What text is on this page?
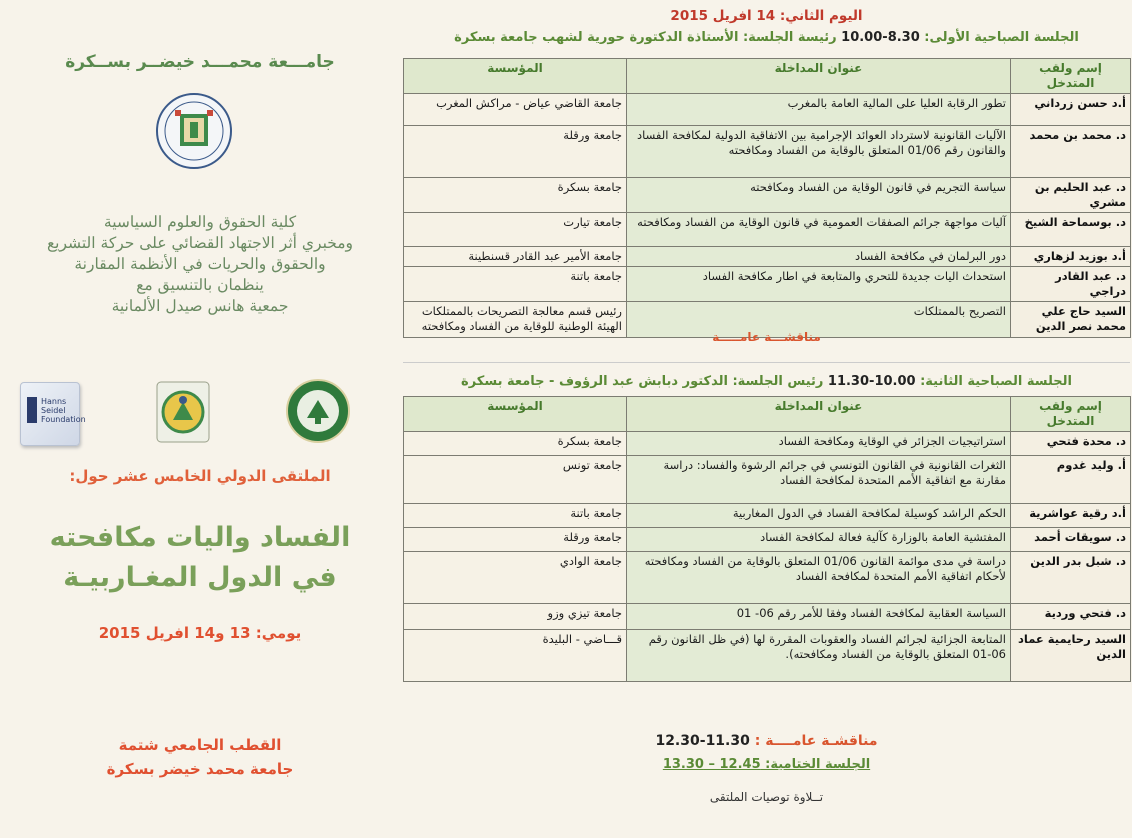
جامـــعة محمـــد خيضــر بســكرة
كلية الحقوق والعلوم السياسية
ومخبري أثر الاجتهاد القضائي على حركة التشريع
والحقوق والحريات في الأنظمة المقارنة
ينظمان بالتنسيق مع
جمعية هانس صيدل الألمانية
Hanns Seidel Foundation
الملتقى الدولي الخامس عشر حول:
الفساد واليات مكافحته
في الدول المغـاربيـة
يومي: 13 و14 افريل 2015
القطب الجامعي شتمة
جامعة محمد خيضر بسكرة
اليوم الثاني: 14 افريل 2015
الجلسة الصباحية الأولى: 8.30-10.00 رئيسة الجلسة: الأستاذة الدكتورة حورية لشهب جامعة بسكرة
إسم ولقب المتدخل	عنوان المداخلة	المؤسسة
أ.د حسن زرداني	تطور الرقابة العليا على المالية العامة بالمغرب	جامعة القاضي عياض - مراكش المغرب
د. محمد بن محمد	الآليات القانونية لاسترداد العوائد الإجرامية بين الاتفاقية الدولية لمكافحة الفساد والقانون رقم 01/06 المتعلق بالوقاية من الفساد ومكافحته	جامعة ورقلة
د. عبد الحليم بن مشري	سياسة التجريم في قانون الوقاية من الفساد ومكافحته	جامعة بسكرة
د. بوسماحة الشيخ	آليات مواجهة جرائم الصفقات العمومية في قانون الوقاية من الفساد ومكافحته	جامعة تيارت
أ.د بوزيد لزهاري	دور البرلمان في مكافحة الفساد	جامعة الأمير عبد القادر قسنطينة
د. عبد القادر دراجي	استحداث اليات جديدة للتحري والمتابعة في اطار مكافحة الفساد	جامعة باتنة
السيد حاج علي محمد نصر الدين	التصريح بالممتلكات	رئيس قسم معالجة التصريحات بالممتلكات الهيئة الوطنية للوقاية من الفساد ومكافحته
مناقشـــة عامـــــة
الجلسة الصباحية الثانية: 10.00-11.30 رئيس الجلسة: الدكتور دبابش عبد الرؤوف - جامعة بسكرة
إسم ولقب المتدخل	عنوان المداخلة	المؤسسة
د. محدة فتحي	استراتيجيات الجزائر في الوقاية ومكافحة الفساد	جامعة بسكرة
أ. وليد غدوم	الثغرات القانونية في القانون التونسي في جرائم الرشوة والفساد: دراسة مقارنة مع اتفاقية الأمم المتحدة لمكافحة الفساد	جامعة تونس
أ.د رقية عواشرية	الحكم الراشد كوسيلة لمكافحة الفساد في الدول المغاربية	جامعة باتنة
د. سويقات أحمد	المفتشية العامة بالوزارة كآلية فعالة لمكافحة الفساد	جامعة ورقلة
د. شبل بدر الدين	دراسة في مدى موائمة القانون 01/06 المتعلق بالوقاية من الفساد ومكافحته لأحكام اتفاقية الأمم المتحدة لمكافحة الفساد	جامعة الوادي
د. فتحي وردية	السياسة العقابية لمكافحة الفساد وفقا للأمر رقم 06- 01	جامعة تيزي وزو
السيد رحايمية عماد الدين	المتابعة الجزائية لجرائم الفساد والعقوبات المقررة لها (في ظل القانون رقم 06-01 المتعلق بالوقاية من الفساد ومكافحته).	قـــاضي - البليدة
مناقشـة عامــــة : 11.30-12.30
الجلسة الختامية: 12.45 – 13.30
تــلاوة توصيات الملتقى
